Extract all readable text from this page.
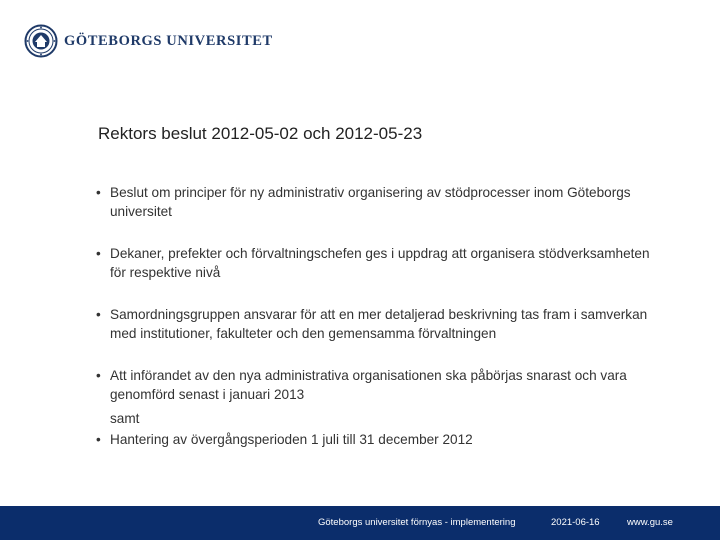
GÖTEBORGS UNIVERSITET
Rektors beslut 2012-05-02 och 2012-05-23
• Beslut om principer för ny administrativ organisering av stödprocesser inom Göteborgs universitet
• Dekaner, prefekter och förvaltningschefen ges i uppdrag att organisera stödverksamheten för respektive nivå
• Samordningsgruppen ansvarar för att en mer detaljerad beskrivning tas fram i samverkan med institutioner, fakulteter och den gemensamma förvaltningen
• Att införandet av den nya administrativa organisationen ska påbörjas snarast och vara genomförd senast i januari 2013
samt
• Hantering av övergångsperioden 1 juli till 31 december 2012
Göteborgs universitet förnyas - implementering	2021-06-16	www.gu.se
